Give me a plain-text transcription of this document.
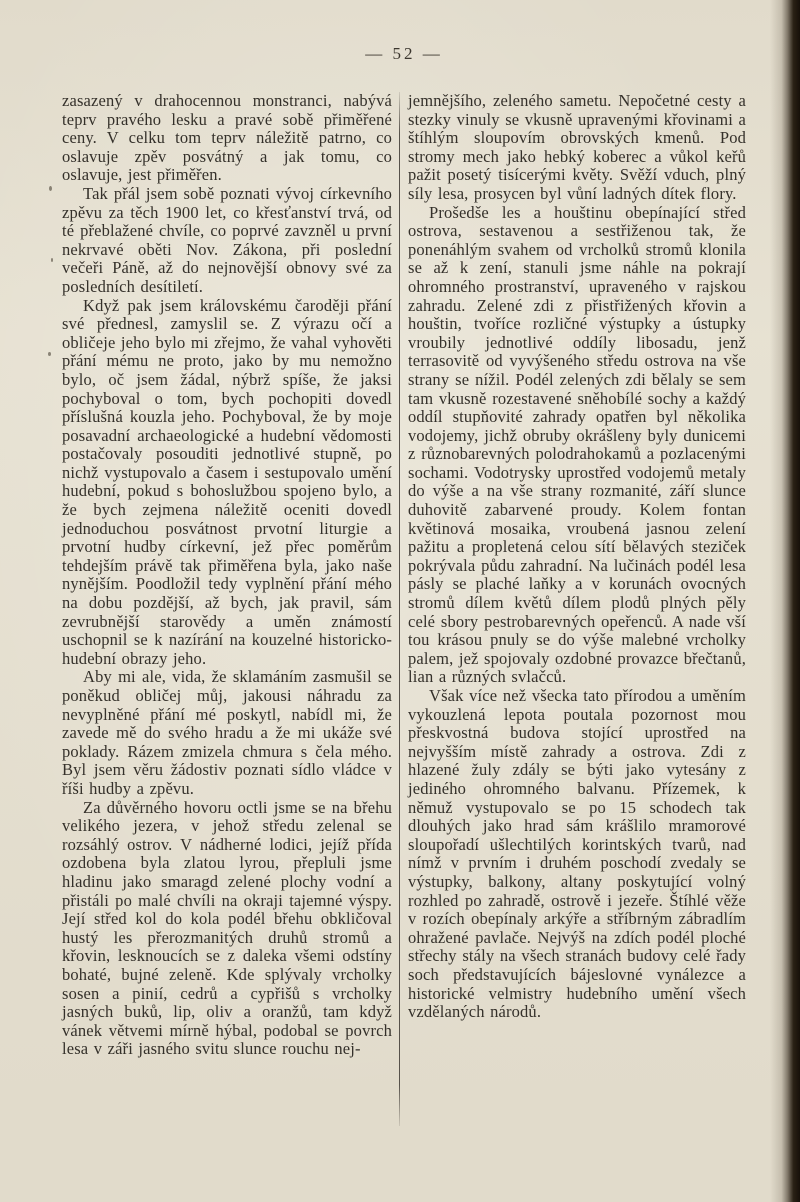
— 52 —

zasazený v drahocennou monstranci, nabývá teprv pravého lesku a pravé sobě přiměřené ceny. V celku tom teprv náležitě patrno, co oslavuje zpěv posvátný a jak tomu, co oslavuje, jest přiměřen.

Tak přál jsem sobě poznati vývoj církevního zpěvu za těch 1900 let, co křesťanství trvá, od té přeblažené chvíle, co poprvé zavzněl u první nekrvavé oběti Nov. Zákona, při poslední večeři Páně, až do nejnovější obnovy své za posledních desítiletí.

Když pak jsem královskému čaroději přání své přednesl, zamyslil se. Z výrazu očí a obličeje jeho bylo mi zřejmo, že vahal vyhověti přání mému ne proto, jako by mu nemožno bylo, oč jsem žádal, nýbrž spíše, že jaksi pochyboval o tom, bych pochopiti dovedl příslušná kouzla jeho. Pochyboval, že by moje posavadní archaeologické a hudební vědomosti postačovaly posouditi jednotlivé stupně, po nichž vystupovalo a časem i sestupovalo umění hudební, pokud s bohoslužbou spojeno bylo, a že bych zejmena náležitě oceniti dovedl jednoduchou posvátnost prvotní liturgie a prvotní hudby církevní, jež přec poměrům tehdejším právě tak přiměřena byla, jako naše nynějším. Poodložil tedy vyplnění přání mého na dobu pozdější, až bych, jak pravil, sám zevrubnější starovědy a uměn známostí uschopnil se k nazírání na kouzelné historicko-hudební obrazy jeho.

Aby mi ale, vida, že sklamáním zasmušil se poněkud obličej můj, jakousi náhradu za nevyplněné přání mé poskytl, nabídl mi, že zavede mě do svého hradu a že mi ukáže své poklady. Rázem zmizela chmura s čela mého. Byl jsem věru žádostiv poznati sídlo vládce v říši hudby a zpěvu.

Za důvěrného hovoru octli jsme se na břehu velikého jezera, v jehož středu zelenal se rozsáhlý ostrov. V nádherné lodici, jejíž přída ozdobena byla zlatou lyrou, přepluli jsme hladinu jako smaragd zelené plochy vodní a přistáli po malé chvíli na okraji tajemné výspy. Její střed kol do kola podél břehu obkličoval hustý les přerozmanitých druhů stromů a křovin, lesknoucích se z daleka všemi odstíny bohaté, bujné zeleně. Kde splývaly vrcholky sosen a pinií, cedrů a cypřišů s vrcholky jasných buků, lip, oliv a oranžů, tam když vánek větvemi mírně hýbal, podobal se povrch lesa v záři jasného svitu slunce rouchu nej-

jemnějšího, zeleného sametu. Nepočetné cesty a stezky vinuly se vkusně upravenými křovinami a štíhlým sloupovím obrovských kmenů. Pod stromy mech jako hebký koberec a vůkol keřů pažit posetý tisícerými květy. Svěží vduch, plný síly lesa, prosycen byl vůní ladných dítek flory.

Prošedše les a houštinu obepínající střed ostrova, sestavenou a sestřiženou tak, že ponenáhlým svahem od vrcholků stromů klonila se až k zení, stanuli jsme náhle na pokrají ohromného prostranství, upraveného v rajskou zahradu. Zelené zdi z přistřižených křovin a houštin, tvoříce rozličné výstupky a ústupky vroubily jednotlivé oddíly libosadu, jenž terrasovitě od vyvýšeného středu ostrova na vše strany se nížil. Podél zelených zdi bělaly se sem tam vkusně rozestavené sněhobílé sochy a každý oddíl stupňovité zahrady opatřen byl několika vodojemy, jichž obruby okrášleny byly dunicemi z různobarevných polodrahokamů a pozlacenými sochami. Vodotrysky uprostřed vodojemů metaly do výše a na vše strany rozmanité, září slunce duhovitě zabarvené proudy. Kolem fontan květinová mosaika, vroubená jasnou zelení pažitu a propletená celou sítí bělavých steziček pokrývala půdu zahradní. Na lučinách podél lesa pásly se plaché laňky a v korunách ovocných stromů dílem květů dílem plodů plných pěly celé sbory pestrobarevných opeřenců. A nade vší tou krásou pnuly se do výše malebné vrcholky palem, jež spojovaly ozdobné provazce břečtanů, lian a různých svlačců.

Však více než všecka tato přírodou a uměním vykouzlená lepota poutala pozornost mou přeskvostná budova stojící uprostřed na nejvyšším místě zahrady a ostrova. Zdi z hlazené žuly zdály se býti jako vytesány z jediného ohromného balvanu. Přízemek, k němuž vystupovalo se po 15 schodech tak dlouhých jako hrad sám krášlilo mramorové sloupořadí ušlechtilých korintských tvarů, nad nímž v prvním i druhém poschodí zvedaly se výstupky, balkony, altany poskytující volný rozhled po zahradě, ostrově i jezeře. Štíhlé věže v rozích obepínaly arkýře a stříbrným zábradlím ohražené pavlače. Nejvýš na zdích podél ploché střechy stály na všech stranách budovy celé řady soch představujících bájeslovné vynálezce a historické velmistry hudebního umění všech vzdělaných národů.
